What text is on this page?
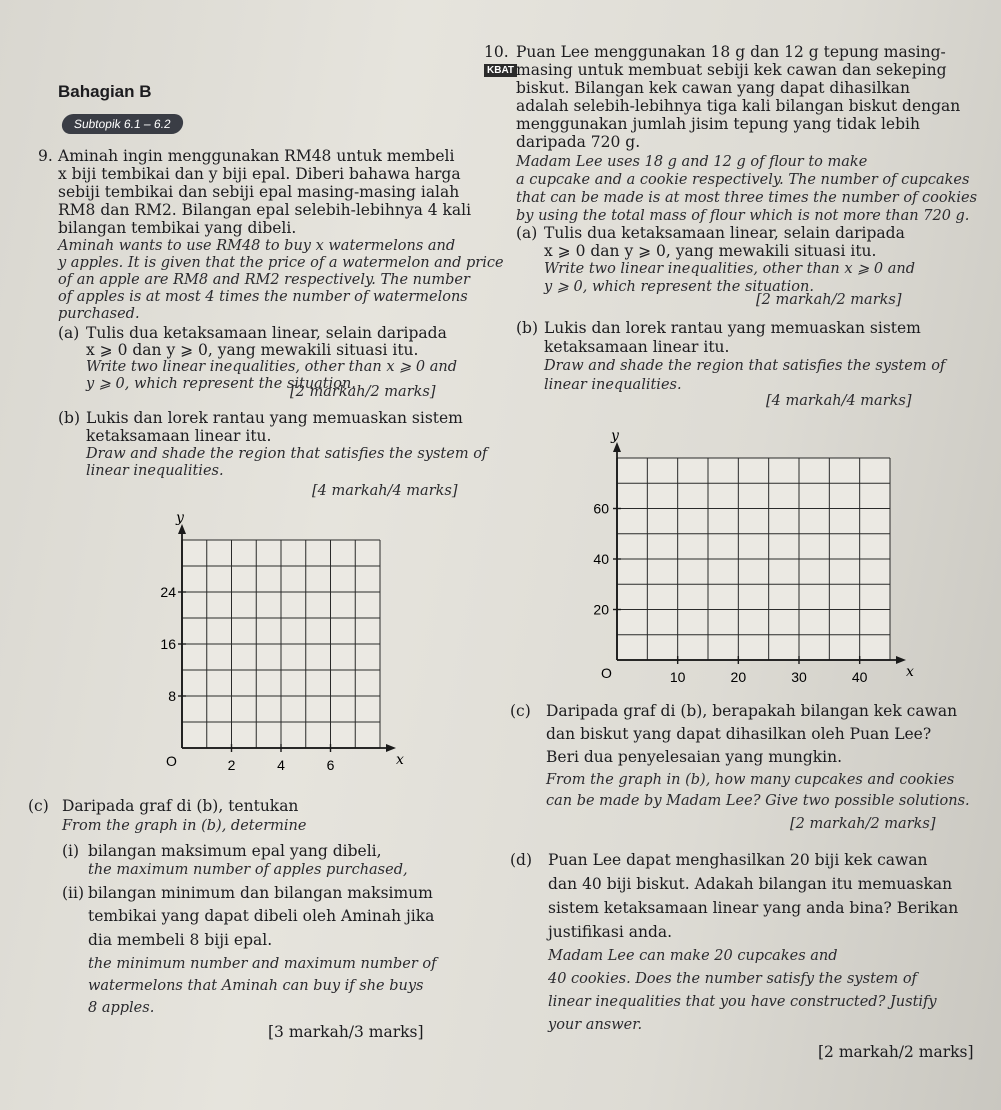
Bahagian B
Subtopik 6.1 – 6.2
9. Aminah ingin menggunakan RM48 untuk membeli
x biji tembikai dan y biji epal. Diberi bahawa harga
sebiji tembikai dan sebiji epal masing-masing ialah
RM8 dan RM2. Bilangan epal selebih-lebihnya 4 kali
bilangan tembikai yang dibeli.
Aminah wants to use RM48 to buy x watermelons and
y apples. It is given that the price of a watermelon and price
of an apple are RM8 and RM2 respectively. The number
of apples is at most 4 times the number of watermelons
purchased.
(a) Tulis dua ketaksamaan linear, selain daripada
x ⩾ 0 dan y ⩾ 0, yang mewakili situasi itu.
Write two linear inequalities, other than x ⩾ 0 and
y ⩾ 0, which represent the situation.
[2 markah/2 marks]
(b) Lukis dan lorek rantau yang memuaskan sistem
ketaksamaan linear itu.
Draw and shade the region that satisfies the system of
linear inequalities.
[4 markah/4 marks]
y
x
O	2	4	6
24
16
8
(c) Daripada graf di (b), tentukan
From the graph in (b), determine
(i) bilangan maksimum epal yang dibeli,
the maximum number of apples purchased,
(ii) bilangan minimum dan bilangan maksimum
tembikai yang dapat dibeli oleh Aminah jika
dia membeli 8 biji epal.
the minimum number and maximum number of
watermelons that Aminah can buy if she buys
8 apples.
[3 markah/3 marks]
10. Puan Lee menggunakan 18 g dan 12 g tepung masing-
KBAT masing untuk membuat sebiji kek cawan dan sekeping
biskut. Bilangan kek cawan yang dapat dihasilkan
adalah selebih-lebihnya tiga kali bilangan biskut dengan
menggunakan jumlah jisim tepung yang tidak lebih
daripada 720 g.
Madam Lee uses 18 g and 12 g of flour to make
a cupcake and a cookie respectively. The number of cupcakes
that can be made is at most three times the number of cookies
by using the total mass of flour which is not more than 720 g.
(a) Tulis dua ketaksamaan linear, selain daripada
x ⩾ 0 dan y ⩾ 0, yang mewakili situasi itu.
Write two linear inequalities, other than x ⩾ 0 and
y ⩾ 0, which represent the situation.
[2 markah/2 marks]
(b) Lukis dan lorek rantau yang memuaskan sistem
ketaksamaan linear itu.
Draw and shade the region that satisfies the system of
linear inequalities.
[4 markah/4 marks]
y
x
O	10	20	30	40
60
40
20
(c) Daripada graf di (b), berapakah bilangan kek cawan
dan biskut yang dapat dihasilkan oleh Puan Lee?
Beri dua penyelesaian yang mungkin.
From the graph in (b), how many cupcakes and cookies
can be made by Madam Lee? Give two possible solutions.
[2 markah/2 marks]
(d) Puan Lee dapat menghasilkan 20 biji kek cawan
dan 40 biji biskut. Adakah bilangan itu memuaskan
sistem ketaksamaan linear yang anda bina? Berikan
justifikasi anda.
Madam Lee can make 20 cupcakes and
40 cookies. Does the number satisfy the system of
linear inequalities that you have constructed? Justify
your answer.
[2 markah/2 marks]
